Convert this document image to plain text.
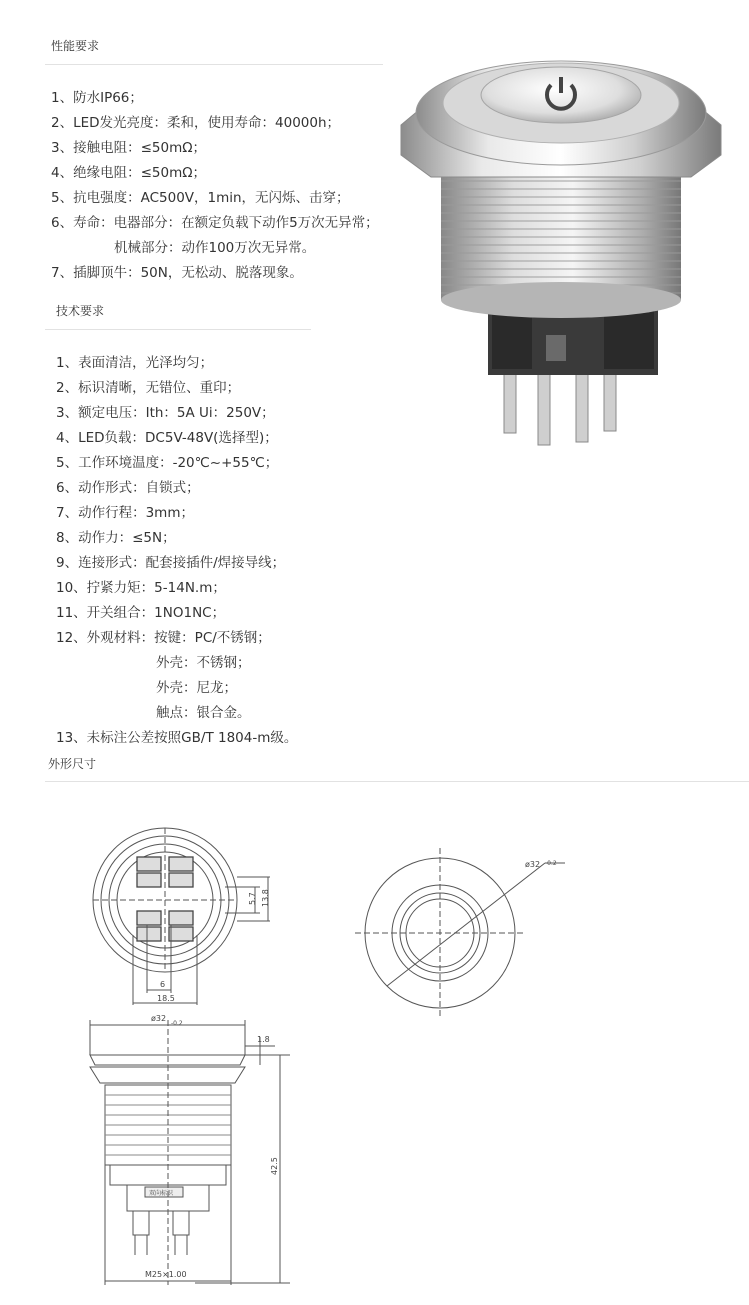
性能要求
1、防水IP66；
2、LED发光亮度：柔和，使用寿命：40000h；
3、接触电阻：≤50mΩ；
4、绝缘电阻：≤50mΩ；
5、抗电强度：AC500V，1min，无闪烁、击穿；
6、寿命：电器部分：在额定负载下动作5万次无异常；
机械部分：动作100万次无异常。
7、插脚顶牛：50N，无松动、脱落现象。
技术要求
1、表面清洁，光泽均匀；
2、标识清晰，无错位、重印；
3、额定电压：Ith：5A Ui：250V；
4、LED负载：DC5V-48V(选择型)；
5、工作环境温度：-20℃~+55℃；
6、动作形式：自锁式；
7、动作行程：3mm；
8、动作力：≤5N；
9、连接形式：配套接插件/焊接导线；
10、拧紧力矩：5-14N.m；
11、开关组合：1NO1NC；
12、外观材料：按键：PC/不锈钢；
外壳：不锈钢；
外壳：尼龙；
触点：银合金。
13、未标注公差按照GB/T 1804-m级。
外形尺寸
5.7 13.8
6
18.5
ø32 -0.2
ø32
-0.2
1.8
42.5
M25×1.00
双向标识
